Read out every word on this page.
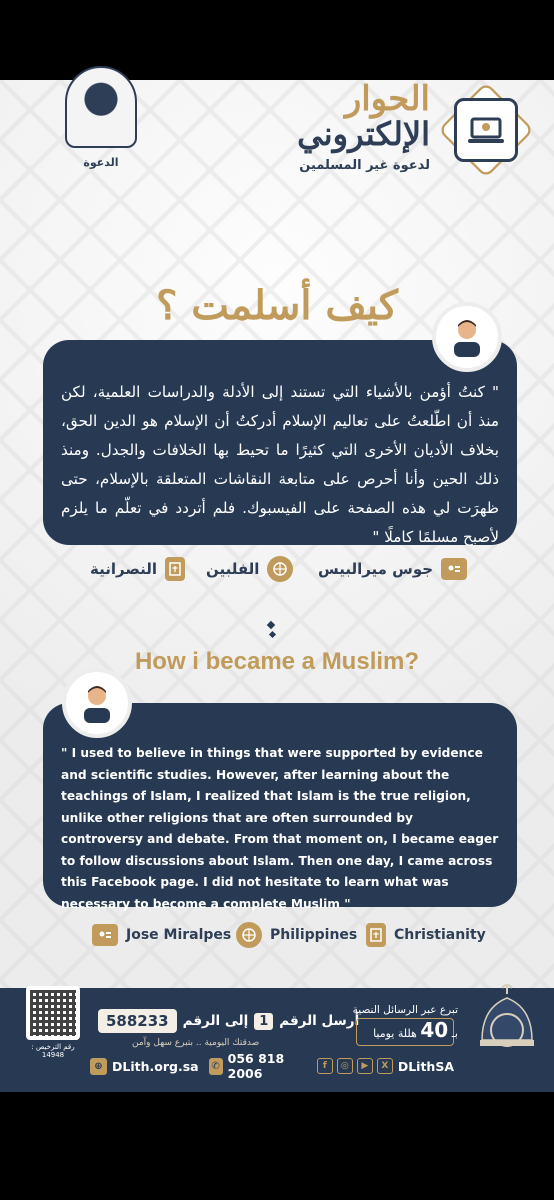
الدعوة
الحوار
الإلكتروني
لدعوة غير المسلمين
كيف أسلمت ؟
" كنتُ أؤمن بالأشياء التي تستند إلى الأدلة والدراسات العلمية، لكن منذ أن اطّلعتُ على تعاليم الإسلام أدركتُ أن الإسلام هو الدين الحق، بخلاف الأديان الأخرى التي كثيرًا ما تحيط بها الخلافات والجدل. ومنذ ذلك الحين وأنا أحرص على متابعة النقاشات المتعلقة بالإسلام، حتى ظهرَت لي هذه الصفحة على الفيسبوك. فلم أتردد في تعلّم ما يلزم لأصبح مسلمًا كاملًا "
جوس ميرالبيس
الفلبين
النصرانية
How i became a Muslim?
" I used to believe in things that were supported by evidence and scientific studies. However, after learning about the teachings of Islam, I realized that Islam is the true religion, unlike other religions that are often surrounded by controversy and debate. From that moment on, I became eager to follow discussions about Islam. Then one day, I came across this Facebook page. I did not hesitate to learn what was necessary to become a complete Muslim "
Jose Miralpes	Philippines	Christianity
رقم الترخيص : 14948
588233	إلى الرقم 1 أرسل الرقم
صدقتك اليومية .. بتبرع سهل وآمن
تبرع عبر الرسائل النصية
بـ 40 هللة يوميا
⊕ DLith.org.sa ✆ 056 818 2006	f	◎	▶	X DLithSA
